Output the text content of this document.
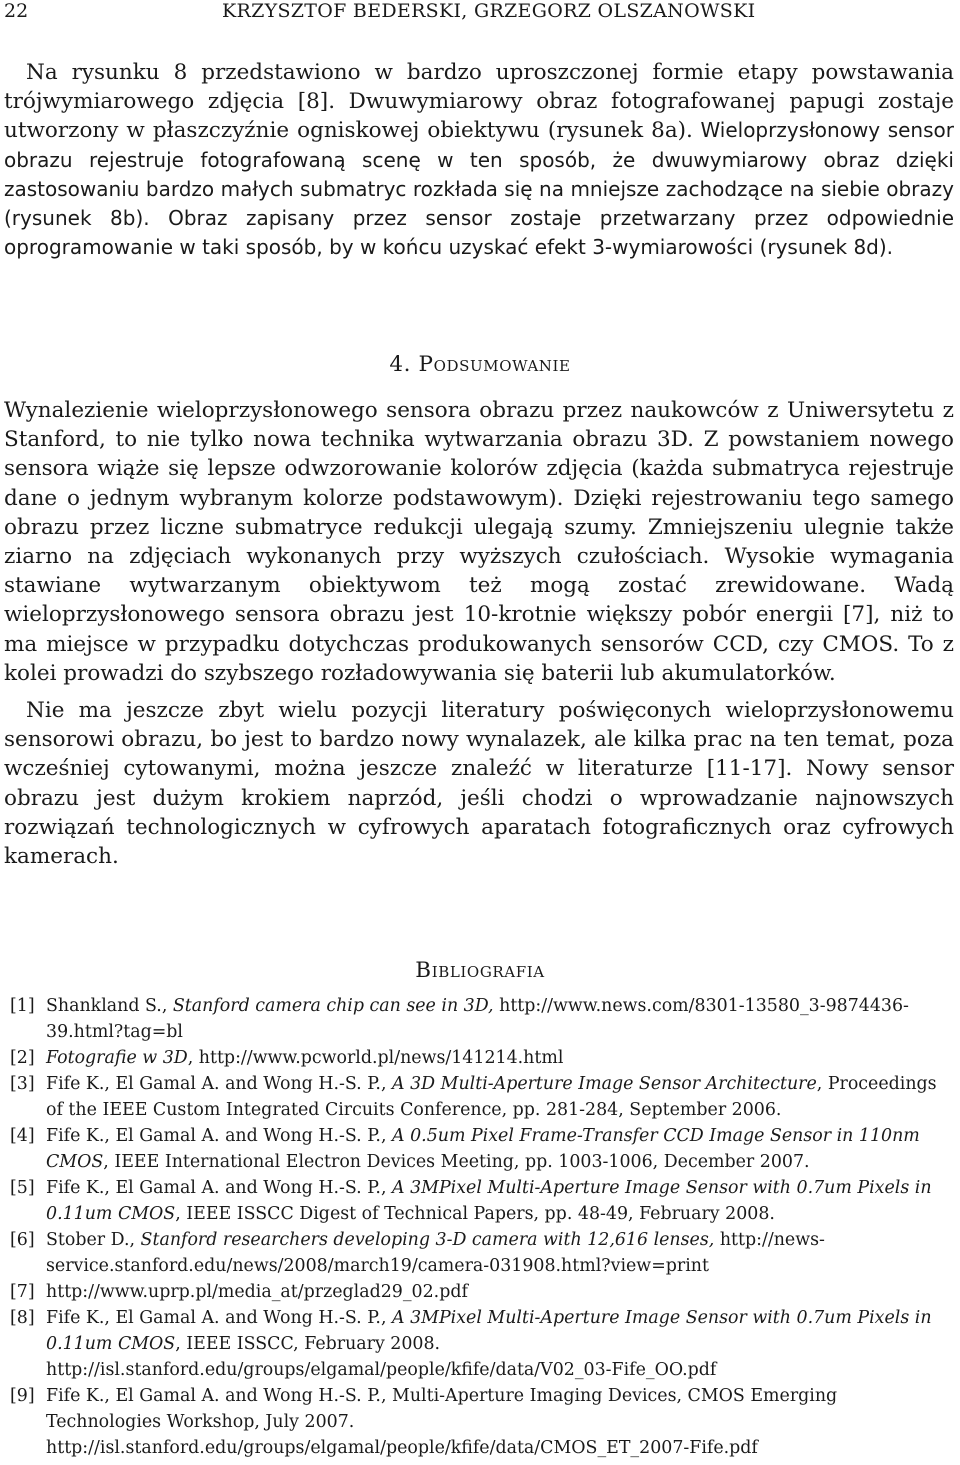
22	KRZYSZTOF BEDERSKI, GRZEGORZ OLSZANOWSKI

Na rysunku 8 przedstawiono w bardzo uproszczonej formie etapy powstawania trójwymiarowego zdjęcia [8]. Dwuwymiarowy obraz fotografowanej papugi zostaje utworzony w płaszczyźnie ogniskowej obiektywu (rysunek 8a). Wieloprzysłonowy sensor obrazu rejestruje fotografowaną scenę w ten sposób, że dwuwymiarowy obraz dzięki zastosowaniu bardzo małych submatryc rozkłada się na mniejsze zachodzące na siebie obrazy (rysunek 8b). Obraz zapisany przez sensor zostaje przetwarzany przez odpowiednie oprogramowanie w taki sposób, by w końcu uzyskać efekt 3-wymiarowości (rysunek 8d).

4. Podsumowanie

Wynalezienie wieloprzysłonowego sensora obrazu przez naukowców z Uniwersytetu z Stanford, to nie tylko nowa technika wytwarzania obrazu 3D. Z powstaniem nowego sensora wiąże się lepsze odwzorowanie kolorów zdjęcia (każda submatryca rejestruje dane o jednym wybranym kolorze podstawowym). Dzięki rejestrowaniu tego samego obrazu przez liczne submatryce redukcji ulegają szumy. Zmniejszeniu ulegnie także ziarno na zdjęciach wykonanych przy wyższych czułościach. Wysokie wymagania stawiane wytwarzanym obiektywom też mogą zostać zrewidowane. Wadą wieloprzysłonowego sensora obrazu jest 10-krotnie większy pobór energii [7], niż to ma miejsce w przypadku dotychczas produkowanych sensorów CCD, czy CMOS. To z kolei prowadzi do szybszego rozładowywania się baterii lub akumulatorków.

Nie ma jeszcze zbyt wielu pozycji literatury poświęconych wieloprzysłonowemu sensorowi obrazu, bo jest to bardzo nowy wynalazek, ale kilka prac na ten temat, poza wcześniej cytowanymi, można jeszcze znaleźć w literaturze [11-17]. Nowy sensor obrazu jest dużym krokiem naprzód, jeśli chodzi o wprowadzanie najnowszych rozwiązań technologicznych w cyfrowych aparatach fotograficznych oraz cyfrowych kamerach.

Bibliografia
[1] Shankland S., Stanford camera chip can see in 3D, http://www.news.com/8301-13580_3-9874436-39.html?tag=bl
[2] Fotografie w 3D, http://www.pcworld.pl/news/141214.html
[3] Fife K., El Gamal A. and Wong H.-S. P., A 3D Multi-Aperture Image Sensor Architecture, Proceedings of the IEEE Custom Integrated Circuits Conference, pp. 281-284, September 2006.
[4] Fife K., El Gamal A. and Wong H.-S. P., A 0.5um Pixel Frame-Transfer CCD Image Sensor in 110nm CMOS, IEEE International Electron Devices Meeting, pp. 1003-1006, December 2007.
[5] Fife K., El Gamal A. and Wong H.-S. P., A 3MPixel Multi-Aperture Image Sensor with 0.7um Pixels in 0.11um CMOS, IEEE ISSCC Digest of Technical Papers, pp. 48-49, February 2008.
[6] Stober D., Stanford researchers developing 3-D camera with 12,616 lenses, http://news-service.stanford.edu/news/2008/march19/camera-031908.html?view=print
[7] http://www.uprp.pl/media_at/przeglad29_02.pdf
[8] Fife K., El Gamal A. and Wong H.-S. P., A 3MPixel Multi-Aperture Image Sensor with 0.7um Pixels in 0.11um CMOS, IEEE ISSCC, February 2008. http://isl.stanford.edu/groups/elgamal/people/kfife/data/V02_03-Fife_OO.pdf
[9] Fife K., El Gamal A. and Wong H.-S. P., Multi-Aperture Imaging Devices, CMOS Emerging Technologies Workshop, July 2007. http://isl.stanford.edu/groups/elgamal/people/kfife/data/CMOS_ET_2007-Fife.pdf
